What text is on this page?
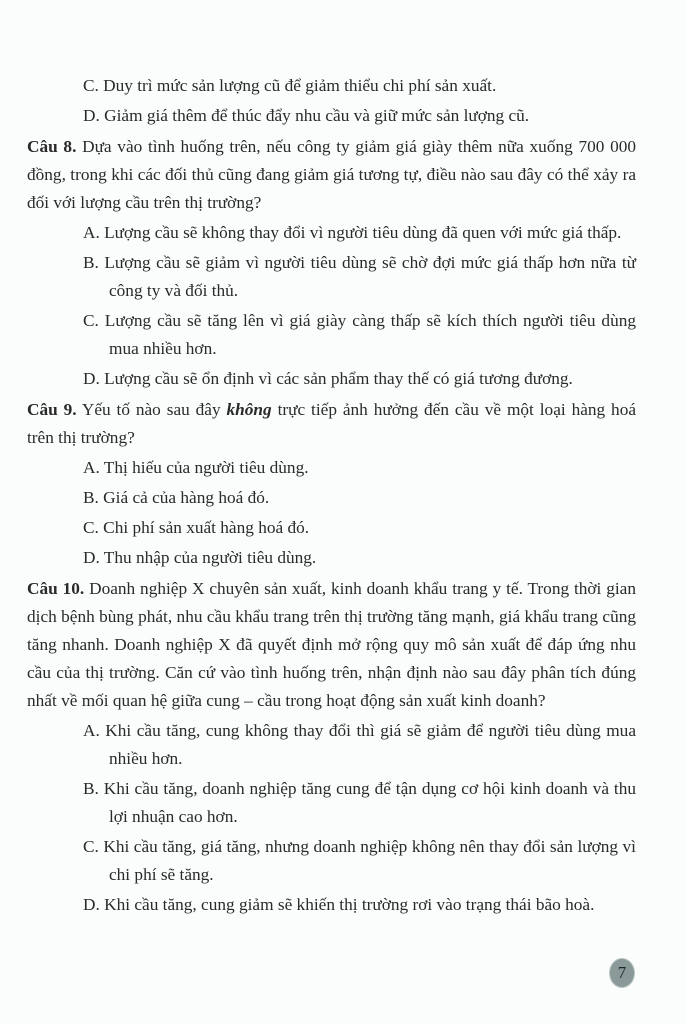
C. Duy trì mức sản lượng cũ để giảm thiểu chi phí sản xuất.
D. Giảm giá thêm để thúc đẩy nhu cầu và giữ mức sản lượng cũ.
Câu 8. Dựa vào tình huống trên, nếu công ty giảm giá giày thêm nữa xuống 700 000 đồng, trong khi các đối thủ cũng đang giảm giá tương tự, điều nào sau đây có thể xảy ra đối với lượng cầu trên thị trường?
A. Lượng cầu sẽ không thay đổi vì người tiêu dùng đã quen với mức giá thấp.
B. Lượng cầu sẽ giảm vì người tiêu dùng sẽ chờ đợi mức giá thấp hơn nữa từ công ty và đối thủ.
C. Lượng cầu sẽ tăng lên vì giá giày càng thấp sẽ kích thích người tiêu dùng mua nhiều hơn.
D. Lượng cầu sẽ ổn định vì các sản phẩm thay thế có giá tương đương.
Câu 9. Yếu tố nào sau đây không trực tiếp ảnh hưởng đến cầu về một loại hàng hoá trên thị trường?
A. Thị hiếu của người tiêu dùng.
B. Giá cả của hàng hoá đó.
C. Chi phí sản xuất hàng hoá đó.
D. Thu nhập của người tiêu dùng.
Câu 10. Doanh nghiệp X chuyên sản xuất, kinh doanh khẩu trang y tế. Trong thời gian dịch bệnh bùng phát, nhu cầu khẩu trang trên thị trường tăng mạnh, giá khẩu trang cũng tăng nhanh. Doanh nghiệp X đã quyết định mở rộng quy mô sản xuất để đáp ứng nhu cầu của thị trường. Căn cứ vào tình huống trên, nhận định nào sau đây phân tích đúng nhất về mối quan hệ giữa cung – cầu trong hoạt động sản xuất kinh doanh?
A. Khi cầu tăng, cung không thay đổi thì giá sẽ giảm để người tiêu dùng mua nhiều hơn.
B. Khi cầu tăng, doanh nghiệp tăng cung để tận dụng cơ hội kinh doanh và thu lợi nhuận cao hơn.
C. Khi cầu tăng, giá tăng, nhưng doanh nghiệp không nên thay đổi sản lượng vì chi phí sẽ tăng.
D. Khi cầu tăng, cung giảm sẽ khiến thị trường rơi vào trạng thái bão hoà.
7
